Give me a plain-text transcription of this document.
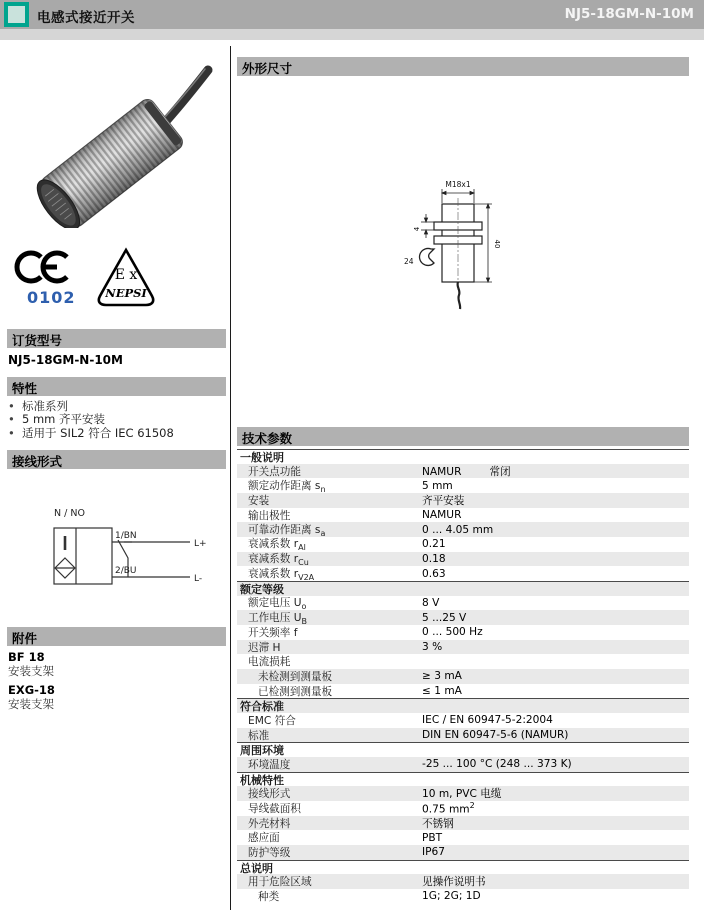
电感式接近开关	NJ5-18GM-N-10M
0102
E x
NEPSI
订货型号
NJ5-18GM-N-10M
特性
• 标准系列
• 5 mm 齐平安装
• 适用于 SIL2 符合 IEC 61508
接线形式
N / NO
1/BN
2/BU
L+
L-
附件
BF 18
安装支架
EXG-18
安装支架
外形尺寸
M18x1
4
24
40
技术参数
一般说明
开关点功能	NAMUR	常闭
额定动作距离 $s_n$	5 mm
安装	齐平安装
输出极性	NAMUR
可靠动作距离 $s_a$	0 ... 4.05 mm
衰减系数 $r_{Al}$	0.21
衰减系数 $r_{Cu}$	0.18
衰减系数 $r_{V2A}$	0.63
额定等级
额定电压 $U_o$	8 V
工作电压 $U_B$	5 ...25 V
开关频率 f	0 ... 500 Hz
迟滞 H	3 %
电流损耗
未检测到测量板	≥ 3 mA
已检测到测量板	≤ 1 mA
符合标准
EMC 符合	IEC / EN 60947-5-2:2004
标准	DIN EN 60947-5-6 (NAMUR)
周围环境
环境温度	-25 ... 100 °C (248 ... 373 K)
机械特性
接线形式	10 m, PVC 电缆
导线截面积	0.75 $mm^2$
外壳材料	不锈钢
感应面	PBT
防护等级	IP67
总说明
用于危险区域	见操作说明书
种类	1G; 2G; 1D
